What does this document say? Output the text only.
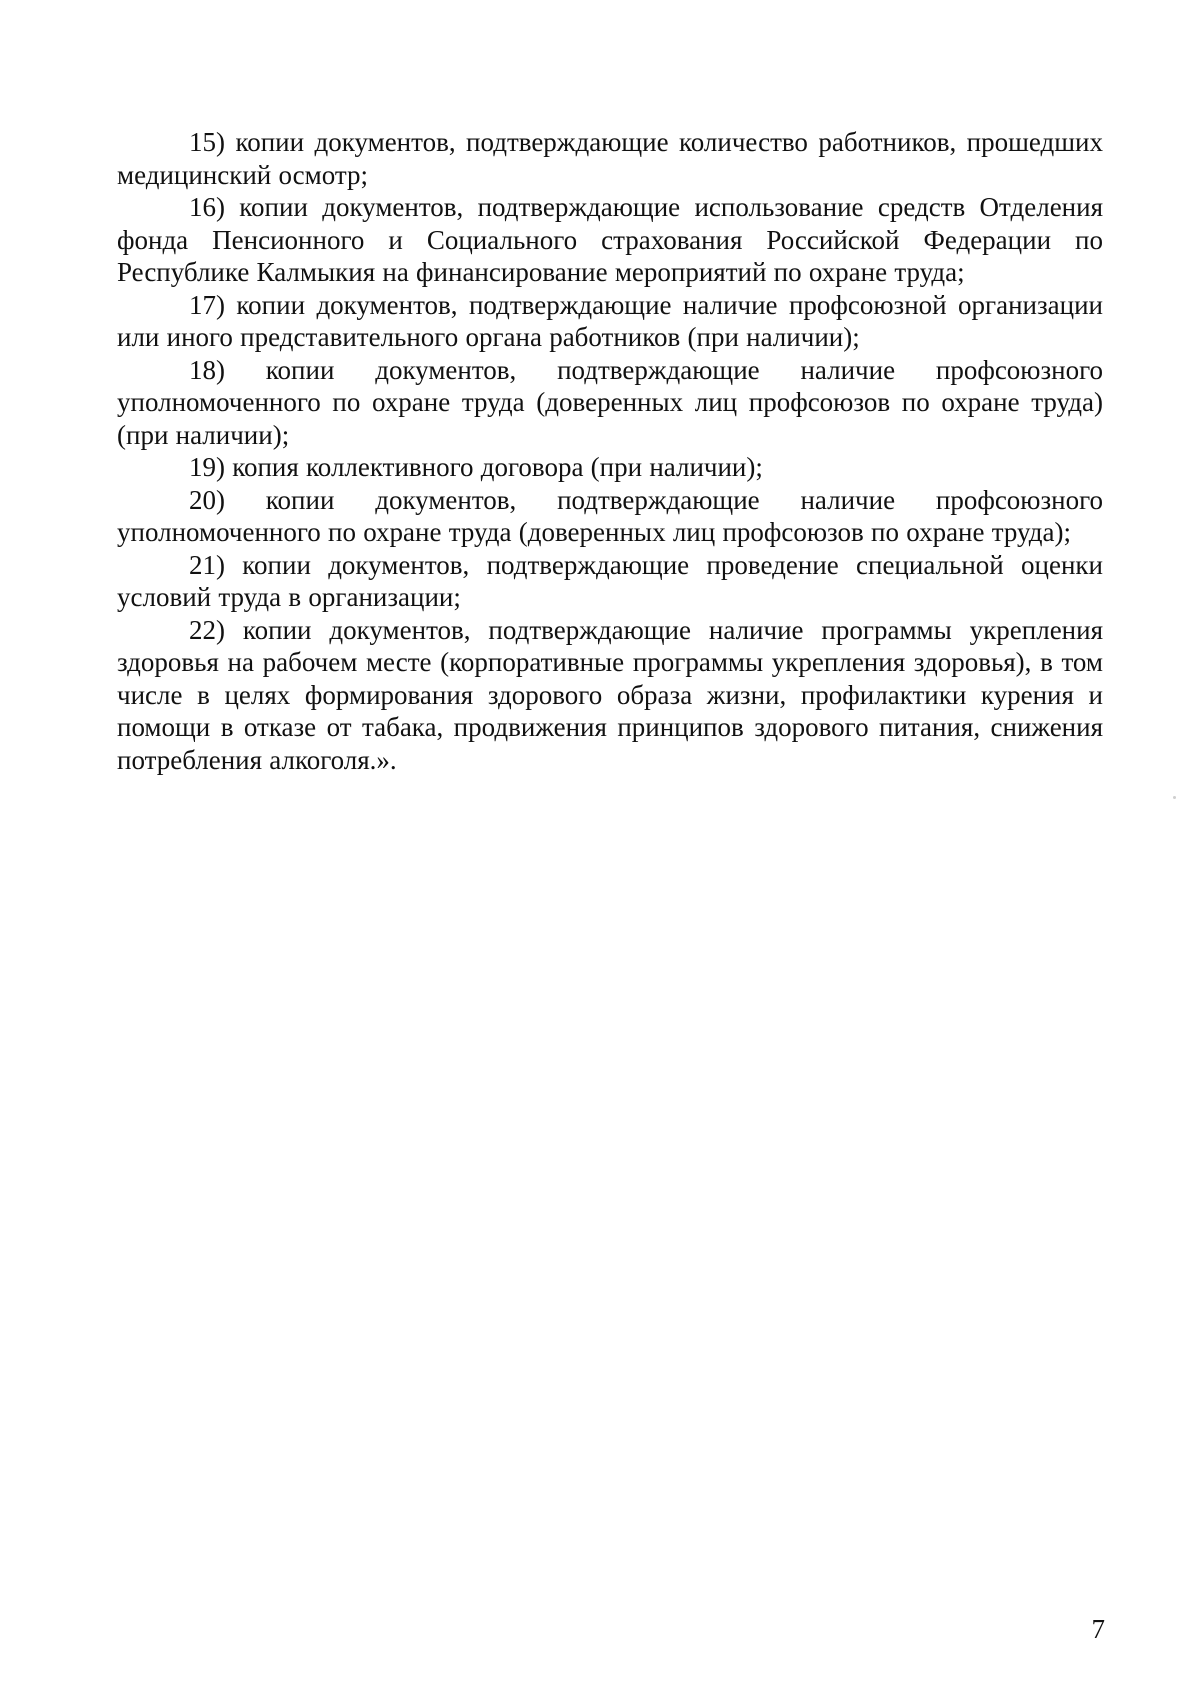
15) копии документов, подтверждающие количество работников, прошедших медицинский осмотр;

16) копии документов, подтверждающие использование средств Отделения фонда Пенсионного и Социального страхования Российской Федерации по Республике Калмыкия на финансирование мероприятий по охране труда;

17) копии документов, подтверждающие наличие профсоюзной организации или иного представительного органа работников (при наличии);

18) копии документов, подтверждающие наличие профсоюзного уполномоченного по охране труда (доверенных лиц профсоюзов по охране труда) (при наличии);

19) копия коллективного договора (при наличии);

20) копии документов, подтверждающие наличие профсоюзного уполномоченного по охране труда (доверенных лиц профсоюзов по охране труда);

21) копии документов, подтверждающие проведение специальной оценки условий труда в организации;

22) копии документов, подтверждающие наличие программы укрепления здоровья на рабочем месте (корпоративные программы укрепления здоровья), в том числе в целях формирования здорового образа жизни, профилактики курения и помощи в отказе от табака, продвижения принципов здорового питания, снижения потребления алкоголя.».

7
